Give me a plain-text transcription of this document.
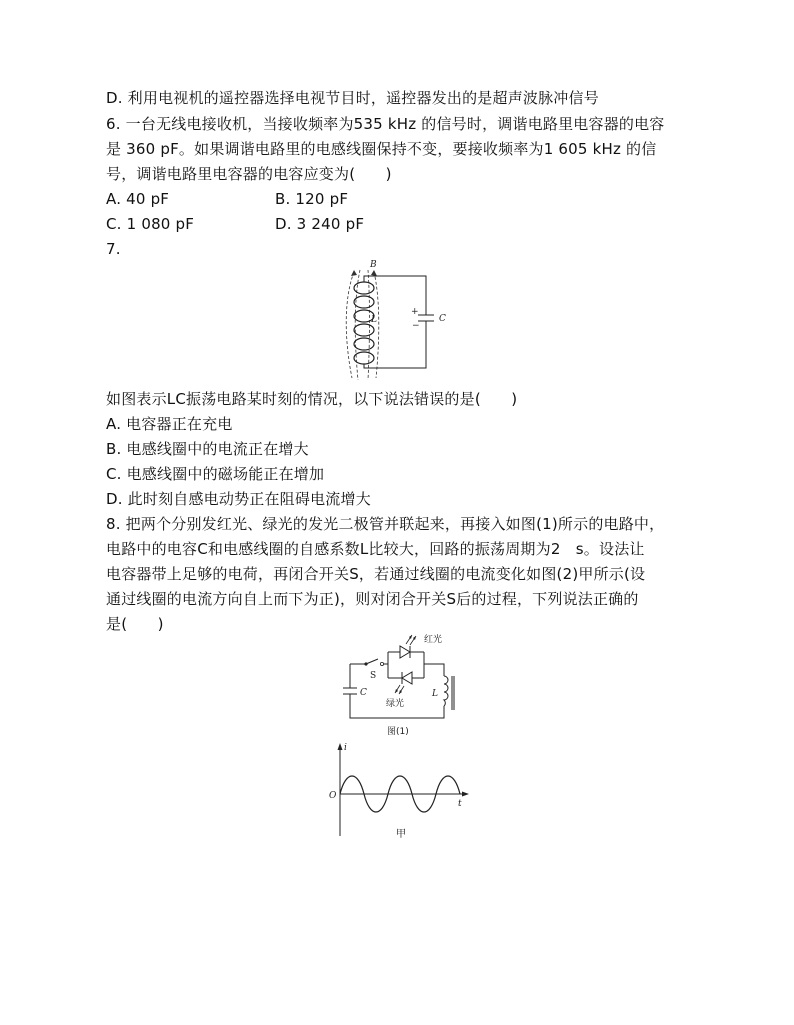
D. 利用电视机的遥控器选择电视节目时，遥控器发出的是超声波脉冲信号
6. 一台无线电接收机，当接收频率为535 kHz 的信号时，调谐电路里电容器的电容
是 360 pF。如果调谐电路里的电感线圈保持不变，要接收频率为1 605 kHz 的信
号，调谐电路里电容器的电容应变为(　　)
A. 40 pF	B. 120 pF
C. 1 080 pF	D. 3 240 pF
7.
B
L	C
+
−
如图表示LC振荡电路某时刻的情况，以下说法错误的是(　　)
A. 电容器正在充电
B. 电感线圈中的电流正在增大
C. 电感线圈中的磁场能正在增加
D. 此时刻自感电动势正在阻碍电流增大
8. 把两个分别发红光、绿光的发光二极管并联起来，再接入如图(1)所示的电路中，
电路中的电容C和电感线圈的自感系数L比较大，回路的振荡周期为2　s。设法让
电容器带上足够的电荷，再闭合开关S，若通过线圈的电流变化如图(2)甲所示(设
通过线圈的电流方向自上而下为正)，则对闭合开关S后的过程，下列说法正确的
是(　　)
红光
绿光
S
C	L
图(1)
i
O
t
甲
